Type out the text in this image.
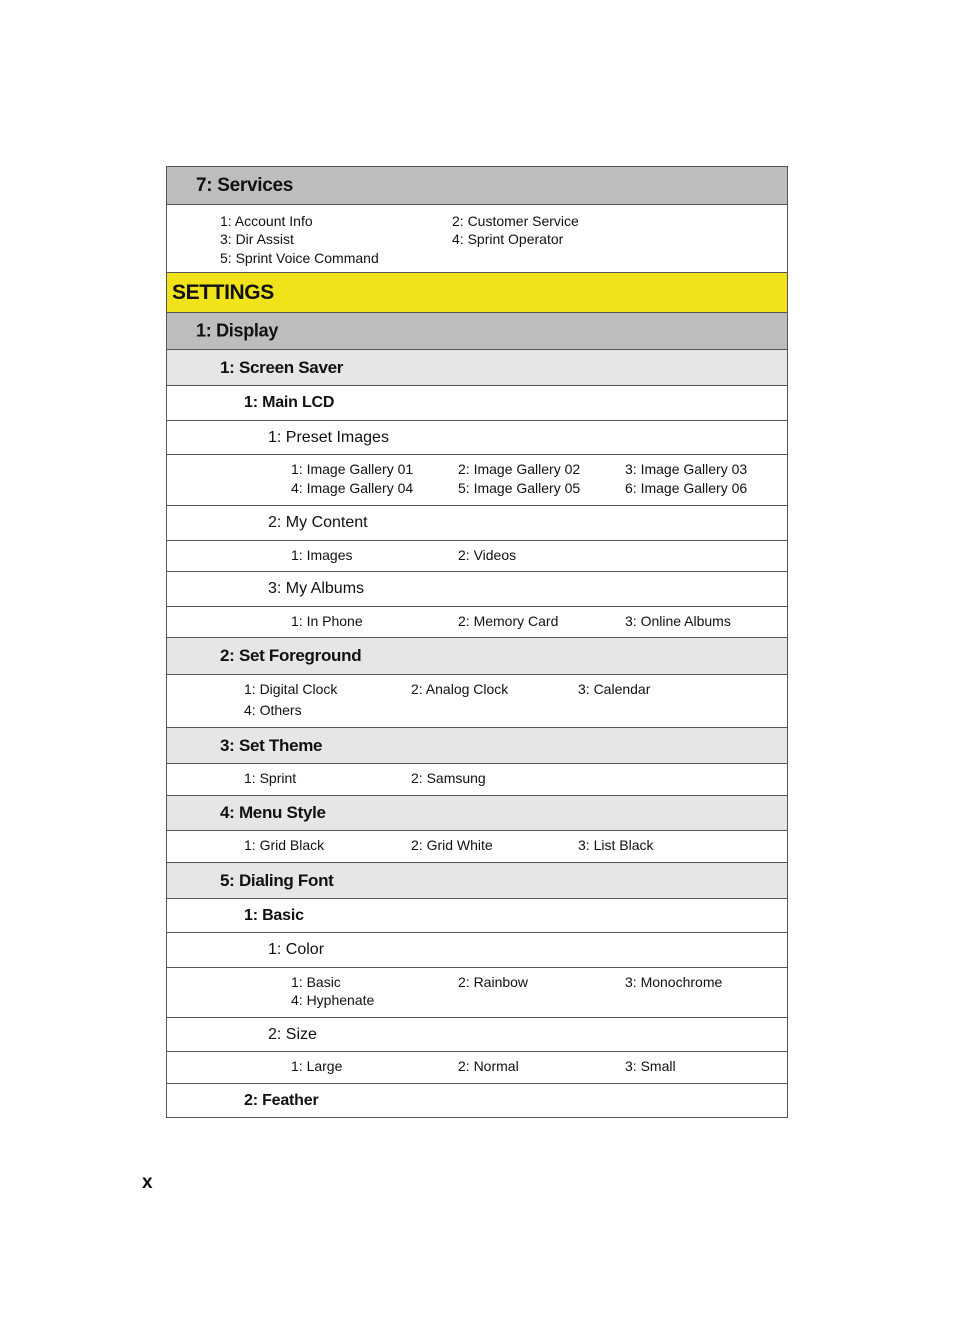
7: Services
1: Account Info	2: Customer Service
3: Dir Assist	4: Sprint Operator
5: Sprint Voice Command
SETTINGS
1: Display
1: Screen Saver
1: Main LCD
1: Preset Images
1: Image Gallery 01	2: Image Gallery 02	3: Image Gallery 03
4: Image Gallery 04	5: Image Gallery 05	6: Image Gallery 06
2: My Content
1: Images	2: Videos
3: My Albums
1: In Phone	2: Memory Card	3: Online Albums
2: Set Foreground
1: Digital Clock	2: Analog Clock	3: Calendar
4: Others
3: Set Theme
1: Sprint	2: Samsung
4: Menu Style
1: Grid Black	2: Grid White	3: List Black
5: Dialing Font
1: Basic
1: Color
1: Basic	2: Rainbow	3: Monochrome
4: Hyphenate
2: Size
1: Large	2: Normal	3: Small
2: Feather
x
